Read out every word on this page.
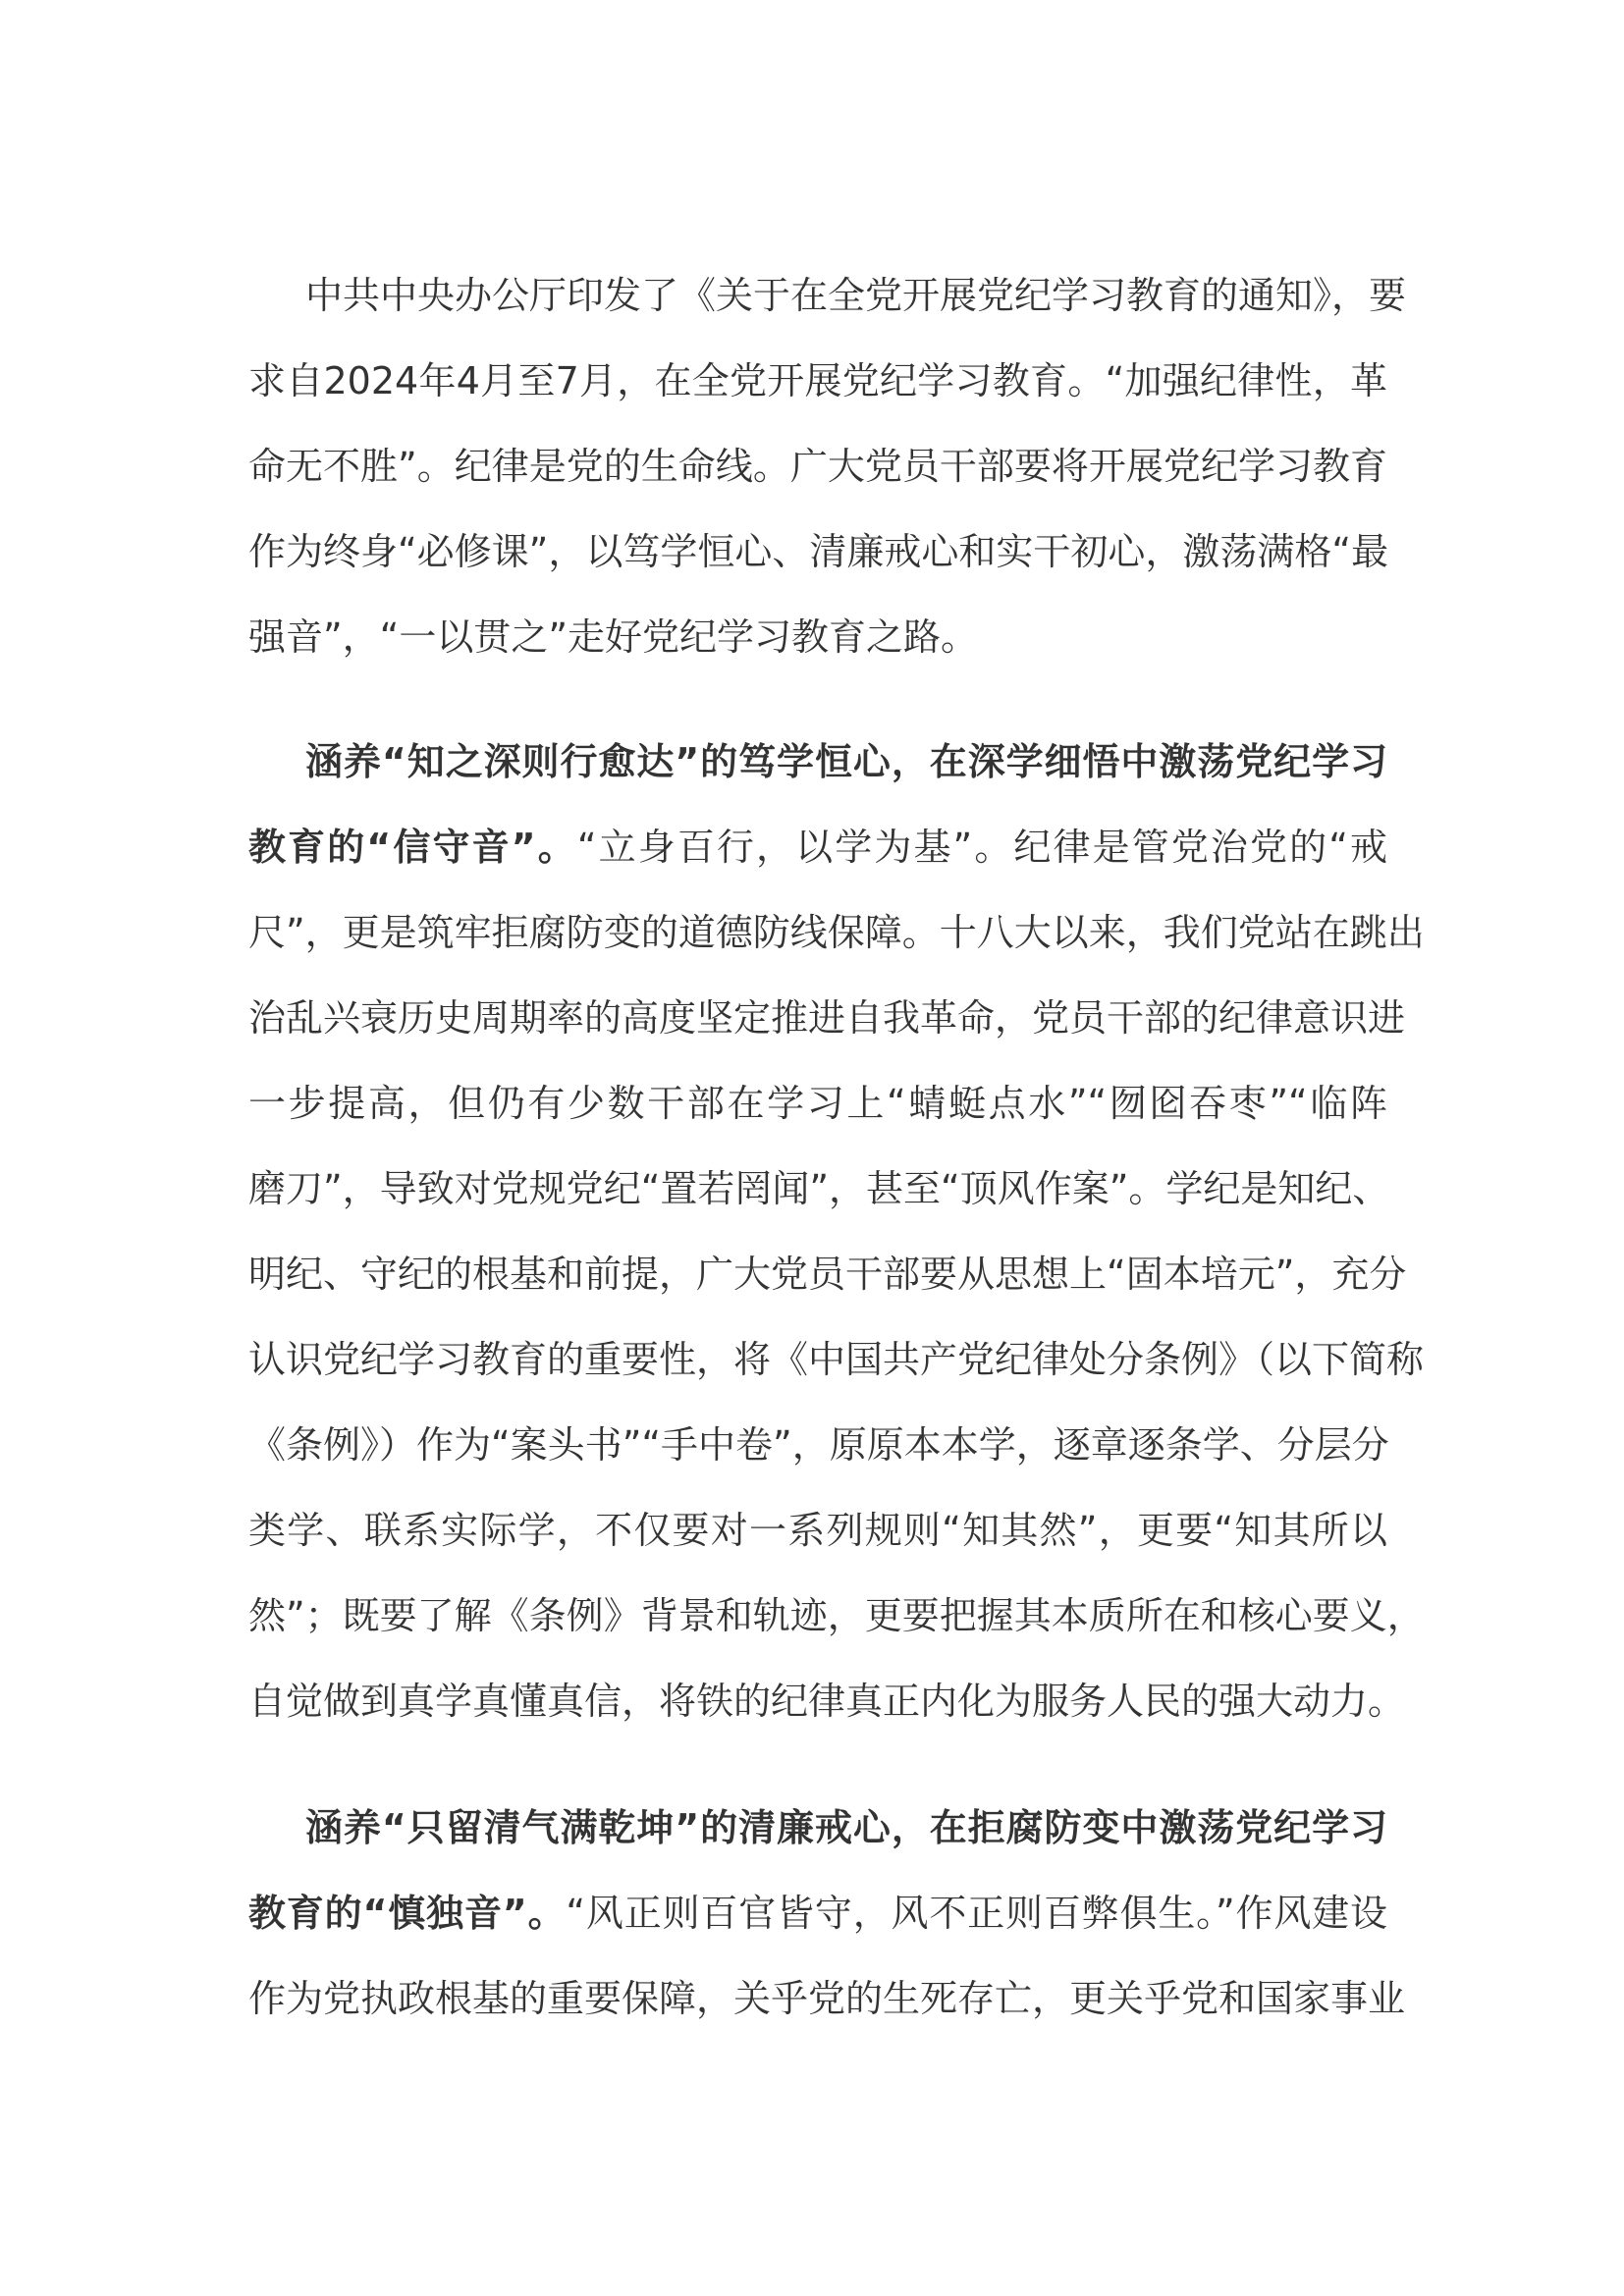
中共中央办公厅印发了《关于在全党开展党纪学习教育的通知》，要
求自2024年4月至7月，在全党开展党纪学习教育。“加强纪律性，革
命无不胜”。纪律是党的生命线。广大党员干部要将开展党纪学习教育
作为终身“必修课”，以笃学恒心、清廉戒心和实干初心，激荡满格“最
强音”，“一以贯之”走好党纪学习教育之路。
涵养“知之深则行愈达”的笃学恒心，在深学细悟中激荡党纪学习
教育的“信守音”。“立身百行，以学为基”。纪律是管党治党的“戒
尺”，更是筑牢拒腐防变的道德防线保障。十八大以来，我们党站在跳出
治乱兴衰历史周期率的高度坚定推进自我革命，党员干部的纪律意识进
一步提高，但仍有少数干部在学习上“蜻蜓点水”“囫囵吞枣”“临阵
磨刀”，导致对党规党纪“置若罔闻”，甚至“顶风作案”。学纪是知纪、
明纪、守纪的根基和前提，广大党员干部要从思想上“固本培元”，充分
认识党纪学习教育的重要性，将《中国共产党纪律处分条例》（以下简称
《条例》）作为“案头书”“手中卷”，原原本本学，逐章逐条学、分层分
类学、联系实际学，不仅要对一系列规则“知其然”，更要“知其所以
然”；既要了解《条例》背景和轨迹，更要把握其本质所在和核心要义，
自觉做到真学真懂真信，将铁的纪律真正内化为服务人民的强大动力。
涵养“只留清气满乾坤”的清廉戒心，在拒腐防变中激荡党纪学习
教育的“慎独音”。“风正则百官皆守，风不正则百弊俱生。”作风建设
作为党执政根基的重要保障，关乎党的生死存亡，更关乎党和国家事业
